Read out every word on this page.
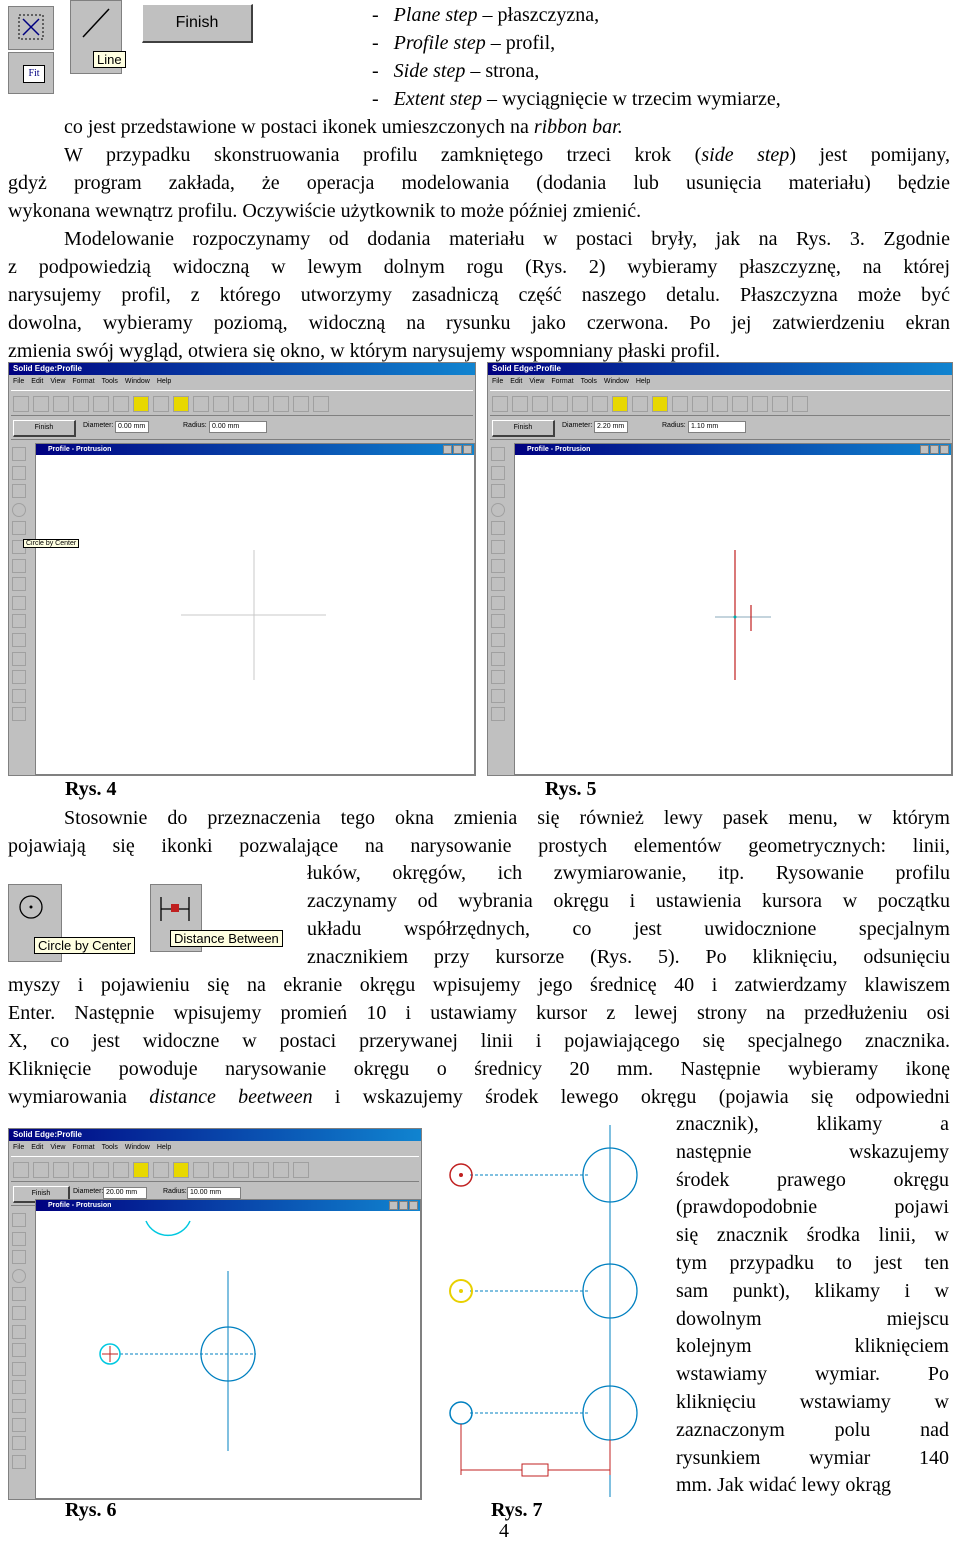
Fit
Line
Finish	- Plane step – płaszczyzna,
- Profile step – profil,
- Side step – strona,
- Extent step – wyciągnięcie w trzecim wymiarze,
co jest przedstawione w postaci ikonek umieszczonych na ribbon bar.
W przypadku skonstruowania profilu zamkniętego trzeci krok (side step) jest pomijany,
gdyż program zakłada, że operacja modelowania (dodania lub usunięcia materiału) będzie
wykonana wewnątrz profilu. Oczywiście użytkownik to może później zmienić.
Modelowanie rozpoczynamy od dodania materiału w postaci bryły, jak na Rys. 3. Zgodnie
z podpowiedzią widoczną w lewym dolnym rogu (Rys. 2) wybieramy płaszczyznę, na której
narysujemy profil, z którego utworzymy zasadniczą część naszego detalu. Płaszczyzna może być
dowolna, wybieramy poziomą, widoczną na rysunku jako czerwona. Po jej zatwierdzeniu ekran
zmienia swój wygląd, otwiera się okno, w którym narysujemy wspomniany płaski profil.
Solid Edge:Profile
File Edit View Format Tools Window Help
Finish	Diameter: 0.00 mm	Radius: 0.00 mm
Circle by Center
Profile - Protrusion
Solid Edge:Profile
File Edit View Format Tools Window Help
Finish	Diameter: 2.20 mm	Radius: 1.10 mm
Profile - Protrusion
Rys. 4	Rys. 5
Stosownie do przeznaczenia tego okna zmienia się również lewy pasek menu, w którym
pojawiają się ikonki pozwalające na narysowanie prostych elementów geometrycznych: linii,
Circle by Center	Distance Between
łuków, okręgów, ich zwymiarowanie, itp. Rysowanie profilu
zaczynamy od wybrania okręgu i ustawienia kursora w początku
układu współrzędnych, co jest uwidocznione specjalnym
znacznikiem przy kursorze (Rys. 5). Po kliknięciu, odsunięciu
myszy i pojawieniu się na ekranie okręgu wpisujemy jego średnicę 40 i zatwierdzamy klawiszem
Enter. Następnie wpisujemy promień 10 i ustawiamy kursor z lewej strony na przedłużeniu osi
X, co jest widoczne w postaci przerywanej linii i pojawiającego się specjalnego znacznika.
Kliknięcie powoduje narysowanie okręgu o średnicy 20 mm. Następnie wybieramy ikonę
wymiarowania distance beetween i wskazujemy środek lewego okręgu (pojawia się odpowiedni
Solid Edge:Profile
File Edit View Format Tools Window Help
Finish	Diameter: 20.00 mm	Radius: 10.00 mm
Profile - Protrusion
znacznik), klikamy a
następnie wskazujemy
środek prawego okręgu
(prawdopodobnie pojawi
się znacznik środka linii, w
tym przypadku to jest ten
sam punkt), klikamy i w
dowolnym miejscu
kolejnym kliknięciem
wstawiamy wymiar. Po
kliknięciu wstawiamy w
zaznaczonym polu nad
rysunkiem wymiar 140
mm. Jak widać lewy okrąg
Rys. 6	Rys. 7
4
